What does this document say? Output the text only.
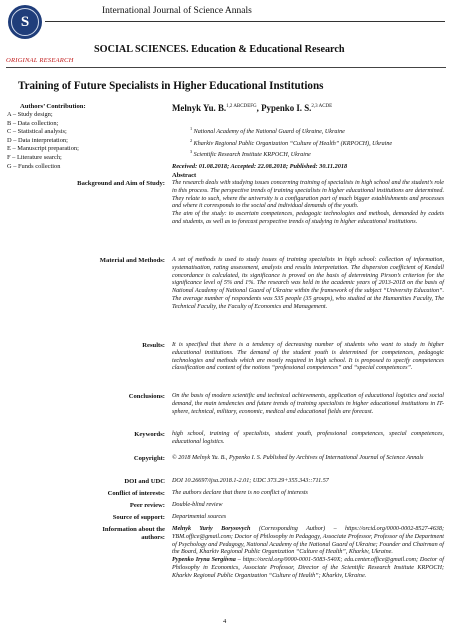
S
International Journal of Science Annals
SOCIAL SCIENCES. Education & Educational Research
ORIGINAL RESEARCH
Training of Future Specialists in Higher Educational Institutions
Authors’ Contribution:
A – Study design;
B – Data collection;
C – Statistical analysis;
D – Data interpretation;
E – Manuscript preparation;
F – Literature search;
G – Funds collection
Melnyk Yu. B.$^{1,2 ABCDEFG}$, Pypenko I. S.$^{2,3 ACDE}$
$^1$ National Academy of the National Guard of Ukraine, Ukraine
$^2$ Kharkiv Regional Public Organization “Culture of Health” (KRPOCH), Ukraine
$^3$ Scientific Research Institute KRPOCH, Ukraine
Received: 01.08.2018; Accepted: 22.08.2018; Published: 30.11.2018
Abstract
Background and Aim of Study: The research deals with studying issues concerning training of specialists in high school and the student’s role in this process. The perspective trends of training specialists in higher educational institutions are determined. They relate to such, where the university is a configuration part of much bigger establishments and processes and where it corresponds to the social and individual demands of the youth.

The aim of the study: to ascertain competences, pedagogic technologies and methods, demanded by cadets and students, as well as to forecast perspective trends of studying in higher educational institutions.

Material and Methods: A set of methods is used to study issues of training specialists in high school: collection of information, systematisation, rating assessment, analysis and results interpretation. The dispersion coefficient of Kendall concordance is calculated, its significance is proved on the basis of determining Pirson’s criterion for the significance level of 5% and 1%. The research was held in the academic years of 2013-2018 on the basis of National Academy of National Guard of Ukraine within the framework of the subject “University Education”. The average number of respondents was 535 people (35 groups), who studied at the Humanities Faculty, The Technical Faculty, the Faculty of Economics and Management.

Results: It is specified that there is a tendency of decreasing number of students who want to study in higher educational institutions. The demand of the student youth is determined for competences, pedagogic technologies and methods which are mostly required in high school. It is proposed to specify competences classification and content of the notions “professional competences” and “special competences”.

Conclusions: On the basis of modern scientific and technical achievements, application of educational logistics and social demand, the main tendencies and future trends of training specialists in higher educational institutions in IT-sphere, technical, military, economic, medical and educational fields are forecast.

Keywords: high school, training of specialists, student youth, professional competences, special competences, educational logistics.

Copyright: © 2018 Melnyk Yu. B., Pypenko I. S. Published by Archives of International Journal of Science Annals

DOI and UDC DOI 10.26697/ijsa.2018.1-2.01; UDC 373.29+355.343::711.57

Conflict of interests: The authors declare that there is no conflict of interests

Peer review: Double-blind review

Source of support: Departmental sources

Information about the authors:

Melnyk Yuriy Borysovych (Corresponding Author) – https://orcid.org/0000-0002-8527-4638; YBM.office@gmail.com; Doctor of Philosophy in Pedagogy, Associate Professor, Professor of the Department of Psychology and Pedagogy, National Academy of the National Guard of Ukraine; Founder and Chairman of the Board, Kharkiv Regional Public Organization “Culture of Health”, Kharkiv, Ukraine.

Pypenko Iryna Sergiivna – https://orcid.org/0000-0001-5083-540X; edu.center.office@gmail.com; Doctor of Philosophy in Economics, Associate Professor, Director of the Scientific Research Institute KRPOCH; Kharkiv Regional Public Organization “Culture of Health”; Kharkiv, Ukraine.

4
